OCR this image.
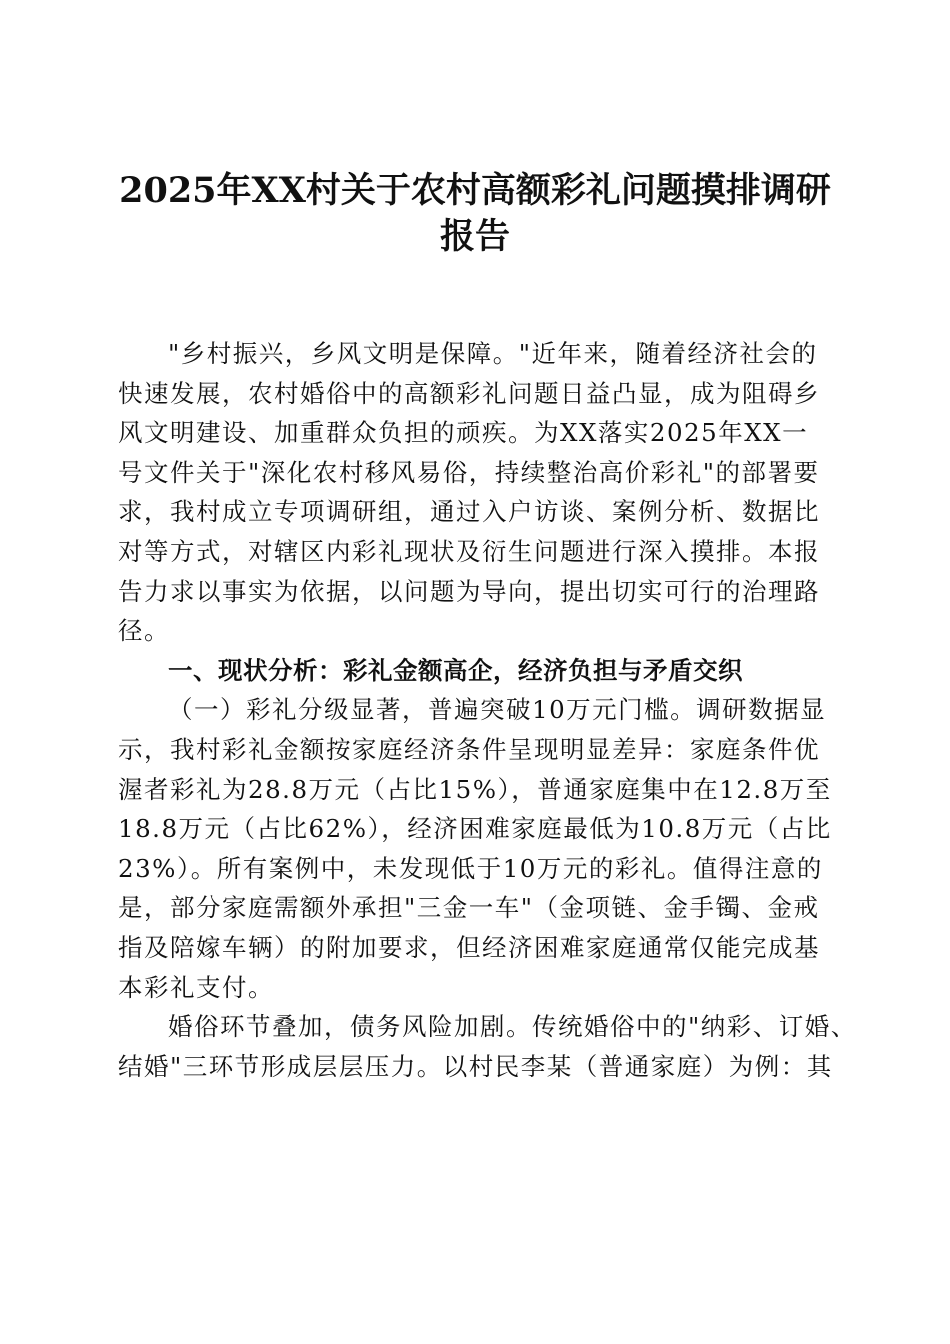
2025年XX村关于农村高额彩礼问题摸排调研
报告

"乡村振兴，乡风文明是保障。"近年来，随着经济社会的
快速发展，农村婚俗中的高额彩礼问题日益凸显，成为阻碍乡
风文明建设、加重群众负担的顽疾。为XX落实2025年XX一
号文件关于"深化农村移风易俗，持续整治高价彩礼"的部署要
求，我村成立专项调研组，通过入户访谈、案例分析、数据比
对等方式，对辖区内彩礼现状及衍生问题进行深入摸排。本报
告力求以事实为依据，以问题为导向，提出切实可行的治理路
径。

一、现状分析：彩礼金额高企，经济负担与矛盾交织

（一）彩礼分级显著，普遍突破10万元门槛。调研数据显
示，我村彩礼金额按家庭经济条件呈现明显差异：家庭条件优
渥者彩礼为28.8万元（占比15%），普通家庭集中在12.8万至
18.8万元（占比62%），经济困难家庭最低为10.8万元（占比
23%）。所有案例中，未发现低于10万元的彩礼。值得注意的
是，部分家庭需额外承担"三金一车"（金项链、金手镯、金戒
指及陪嫁车辆）的附加要求，但经济困难家庭通常仅能完成基
本彩礼支付。

婚俗环节叠加，债务风险加剧。传统婚俗中的"纳彩、订婚、
结婚"三环节形成层层压力。以村民李某（普通家庭）为例：其
